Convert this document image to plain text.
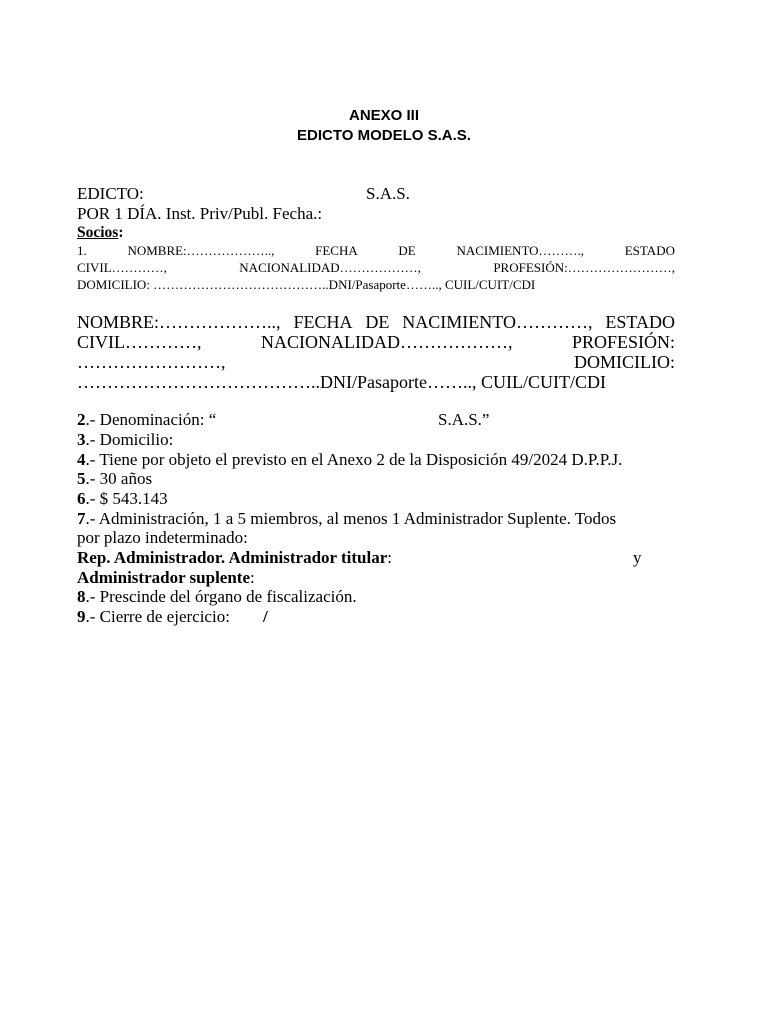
ANEXO III
EDICTO MODELO S.A.S.
EDICTO:	S.A.S.
POR 1 DÍA. Inst. Priv/Publ. Fecha.:
Socios:
1.	NOMBRE:………………..,	FECHA	DE	NACIMIENTO……….,	ESTADO
CIVIL…………,	NACIONALIDAD………………,	PROFESIÓN:……………………,
DOMICILIO: …………………………………..DNI/Pasaporte…….., CUIL/CUIT/CDI
NOMBRE:……………….., FECHA DE NACIMIENTO…………, ESTADO
CIVIL…………,	NACIONALIDAD………………,	PROFESIÓN:
……………………,	DOMICILIO:
…………………………………..DNI/Pasaporte…….., CUIL/CUIT/CDI
2.- Denominación: “	S.A.S.”
3.- Domicilio:
4.- Tiene por objeto el previsto en el Anexo 2 de la Disposición 49/2024 D.P.P.J.
5.- 30 años
6.- $ 543.143
7.- Administración, 1 a 5 miembros, al menos 1 Administrador Suplente. Todos
por plazo indeterminado:
Rep. Administrador. Administrador titular:	y
Administrador suplente:
8.- Prescinde del órgano de fiscalización.
9.- Cierre de ejercicio: /
